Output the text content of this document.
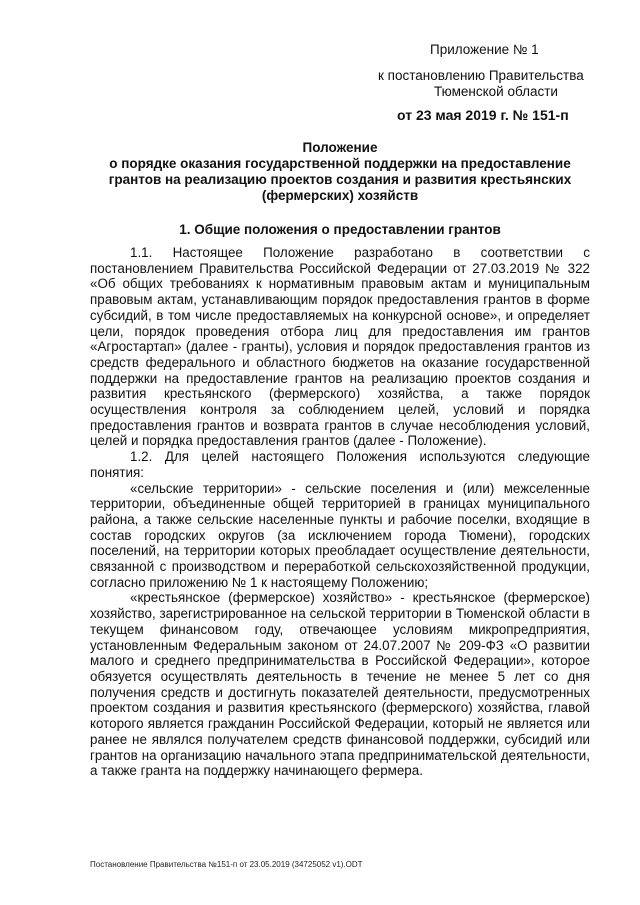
Приложение № 1
к постановлению Правительства
Тюменской области
от 23 мая 2019 г. № 151-п
Положение
о порядке оказания государственной поддержки на предоставление
грантов на реализацию проектов создания и развития крестьянских
(фермерских) хозяйств
1. Общие положения о предоставлении грантов

1.1. Настоящее Положение разработано в соответствии с постановлением Правительства Российской Федерации от 27.03.2019 № 322 «Об общих требованиях к нормативным правовым актам и муниципальным правовым актам, устанавливающим порядок предоставления грантов в форме субсидий, в том числе предоставляемых на конкурсной основе», и определяет цели, порядок проведения отбора лиц для предоставления им грантов «Агростартап» (далее - гранты), условия и порядок предоставления грантов из средств федерального и областного бюджетов на оказание государственной поддержки на предоставление грантов на реализацию проектов создания и развития крестьянского (фермерского) хозяйства, а также порядок осуществления контроля за соблюдением целей, условий и порядка предоставления грантов и возврата грантов в случае несоблюдения условий, целей и порядка предоставления грантов (далее - Положение).

1.2. Для целей настоящего Положения используются следующие понятия:

«сельские территории» - сельские поселения и (или) межселенные территории, объединенные общей территорией в границах муниципального района, а также сельские населенные пункты и рабочие поселки, входящие в состав городских округов (за исключением города Тюмени), городских поселений, на территории которых преобладает осуществление деятельности, связанной с производством и переработкой сельскохозяйственной продукции, согласно приложению № 1 к настоящему Положению;

«крестьянское (фермерское) хозяйство» - крестьянское (фермерское) хозяйство, зарегистрированное на сельской территории в Тюменской области в текущем финансовом году, отвечающее условиям микропредприятия, установленным Федеральным законом от 24.07.2007 № 209-ФЗ «О развитии малого и среднего предпринимательства в Российской Федерации», которое обязуется осуществлять деятельность в течение не менее 5 лет со дня получения средств и достигнуть показателей деятельности, предусмотренных проектом создания и развития крестьянского (фермерского) хозяйства, главой которого является гражданин Российской Федерации, который не является или ранее не являлся получателем средств финансовой поддержки, субсидий или грантов на организацию начального этапа предпринимательской деятельности, а также гранта на поддержку начинающего фермера.

Постановление Правительства №151-п от 23.05.2019 (34725052 v1).ODT
